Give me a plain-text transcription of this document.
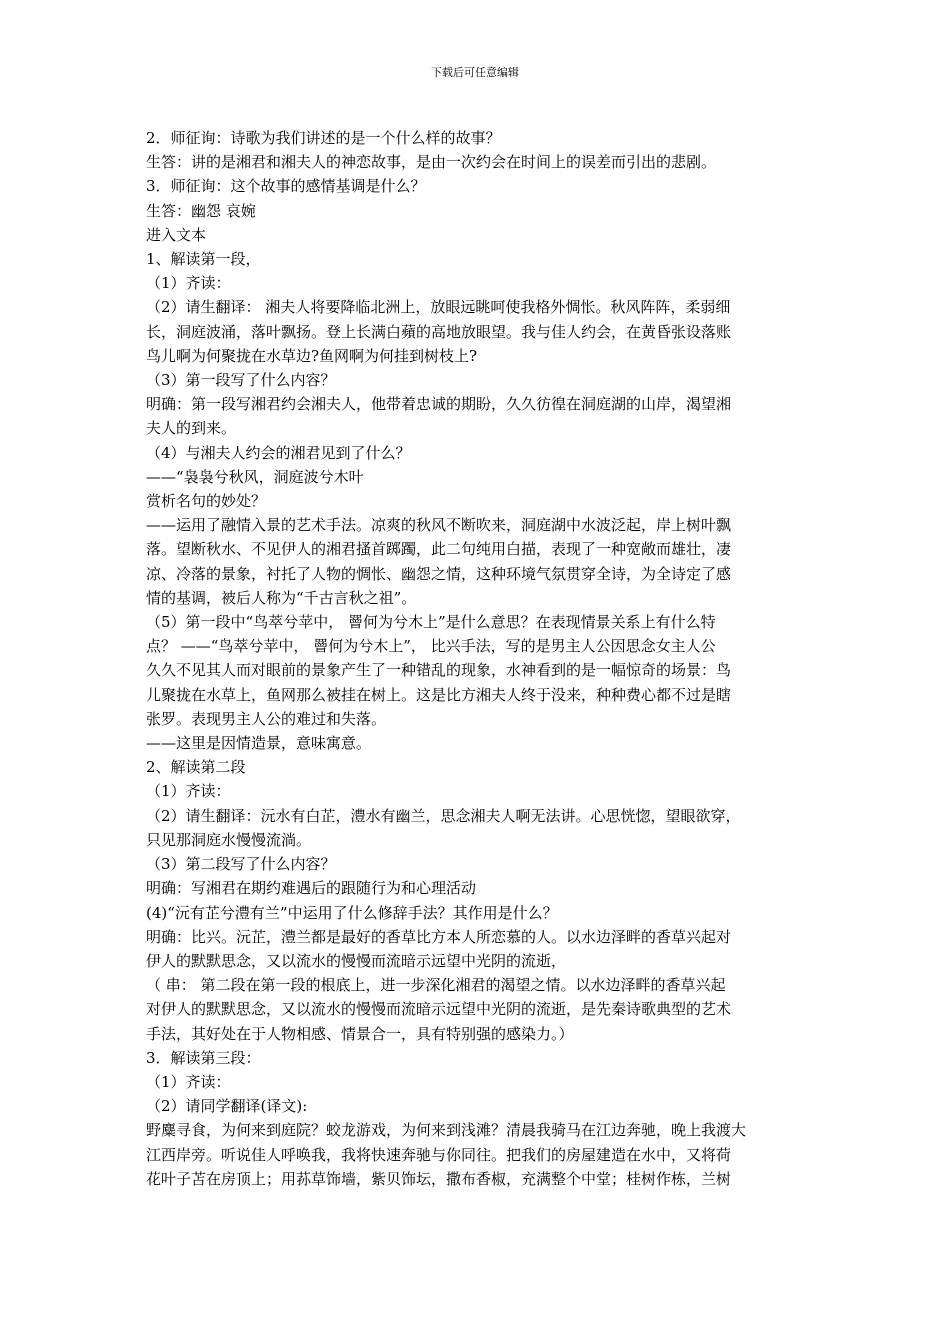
下载后可任意编辑
2．师征询：诗歌为我们讲述的是一个什么样的故事？
生答：讲的是湘君和湘夫人的神恋故事，是由一次约会在时间上的误差而引出的悲剧。
3．师征询：这个故事的感情基调是什么？
生答：幽怨 哀婉
进入文本
1、解读第一段，
（1）齐读：
（2）请生翻译： 湘夫人将要降临北洲上，放眼远眺呵使我格外惆怅。秋风阵阵，柔弱细
长，洞庭波涌，落叶飘扬。登上长满白蘋的高地放眼望。我与佳人约会，在黄昏张设落账
鸟儿啊为何聚拢在水草边?鱼网啊为何挂到树枝上?
（3）第一段写了什么内容？
明确：第一段写湘君约会湘夫人，他带着忠诚的期盼，久久彷徨在洞庭湖的山岸，渴望湘
夫人的到来。
（4）与湘夫人约会的湘君见到了什么？
——“袅袅兮秋风，洞庭波兮木叶
赏析名句的妙处？
——运用了融情入景的艺术手法。凉爽的秋风不断吹来，洞庭湖中水波泛起，岸上树叶飘
落。望断秋水、不见伊人的湘君搔首踯躅，此二句纯用白描，表现了一种宽敞而雄壮，凄
凉、冷落的景象，衬托了人物的惆怅、幽怨之情，这种环境气氛贯穿全诗，为全诗定了感
情的基调，被后人称为“千古言秋之祖”。
（5）第一段中“鸟萃兮苹中， 罾何为兮木上”是什么意思？在表现情景关系上有什么特
点？ ——“鸟萃兮苹中， 罾何为兮木上”， 比兴手法，写的是男主人公因思念女主人公
久久不见其人而对眼前的景象产生了一种错乱的现象，水神看到的是一幅惊奇的场景：鸟
儿聚拢在水草上，鱼网那么被挂在树上。这是比方湘夫人终于没来，种种费心都不过是瞎
张罗。表现男主人公的难过和失落。
——这里是因情造景，意味寓意。
2、解读第二段
（1）齐读：
（2）请生翻译：沅水有白芷，澧水有幽兰，思念湘夫人啊无法讲。心思恍惚，望眼欲穿，
只见那洞庭水慢慢流淌。
（3）第二段写了什么内容？
明确：写湘君在期约难遇后的跟随行为和心理活动
(4)“沅有芷兮澧有兰”中运用了什么修辞手法？其作用是什么？
明确：比兴。沅芷，澧兰都是最好的香草比方本人所恋慕的人。以水边泽畔的香草兴起对
伊人的默默思念，又以流水的慢慢而流暗示远望中光阴的流逝，
（ 串： 第二段在第一段的根底上，进一步深化湘君的渴望之情。以水边泽畔的香草兴起
对伊人的默默思念，又以流水的慢慢而流暗示远望中光阴的流逝，是先秦诗歌典型的艺术
手法，其好处在于人物相感、情景合一，具有特别强的感染力。）
3．解读第三段：
（1）齐读：
（2）请同学翻译(译文):
野麋寻食，为何来到庭院？蛟龙游戏，为何来到浅滩？清晨我骑马在江边奔驰，晚上我渡大
江西岸旁。听说佳人呼唤我，我将快速奔驰与你同往。把我们的房屋建造在水中，又将荷
花叶子苫在房顶上；用荪草饰墙，紫贝饰坛，撒布香椒，充满整个中堂；桂树作栋，兰树
